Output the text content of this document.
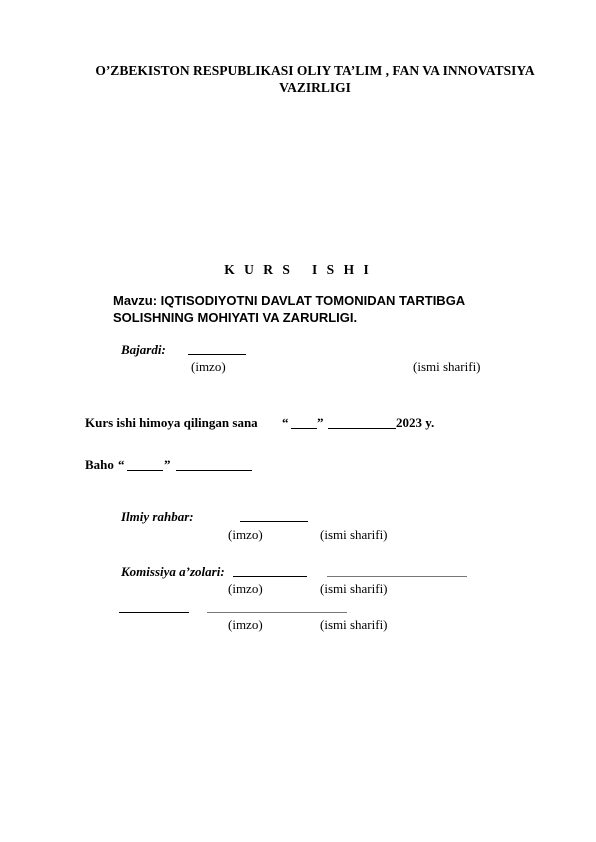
O’ZBEKISTON RESPUBLIKASI OLIY TA’LIM , FAN VA INNOVATSIYA
VAZIRLIGI
K U R S   I S H I
Mavzu: IQTISODIYOTNI DAVLAT TOMONIDAN TARTIBGA
SOLISHNING MOHIYATI VA ZARURLIGI.
Bajardi:
(imzo)	(ismi sharifi)
Kurs ishi himoya qilingan sana “ ”	2023 y.
Baho “	”
Ilmiy rahbar:
(imzo)	(ismi sharifi)
Komissiya a’zolari:
(imzo)	(ismi sharifi)
(imzo)	(ismi sharifi)
